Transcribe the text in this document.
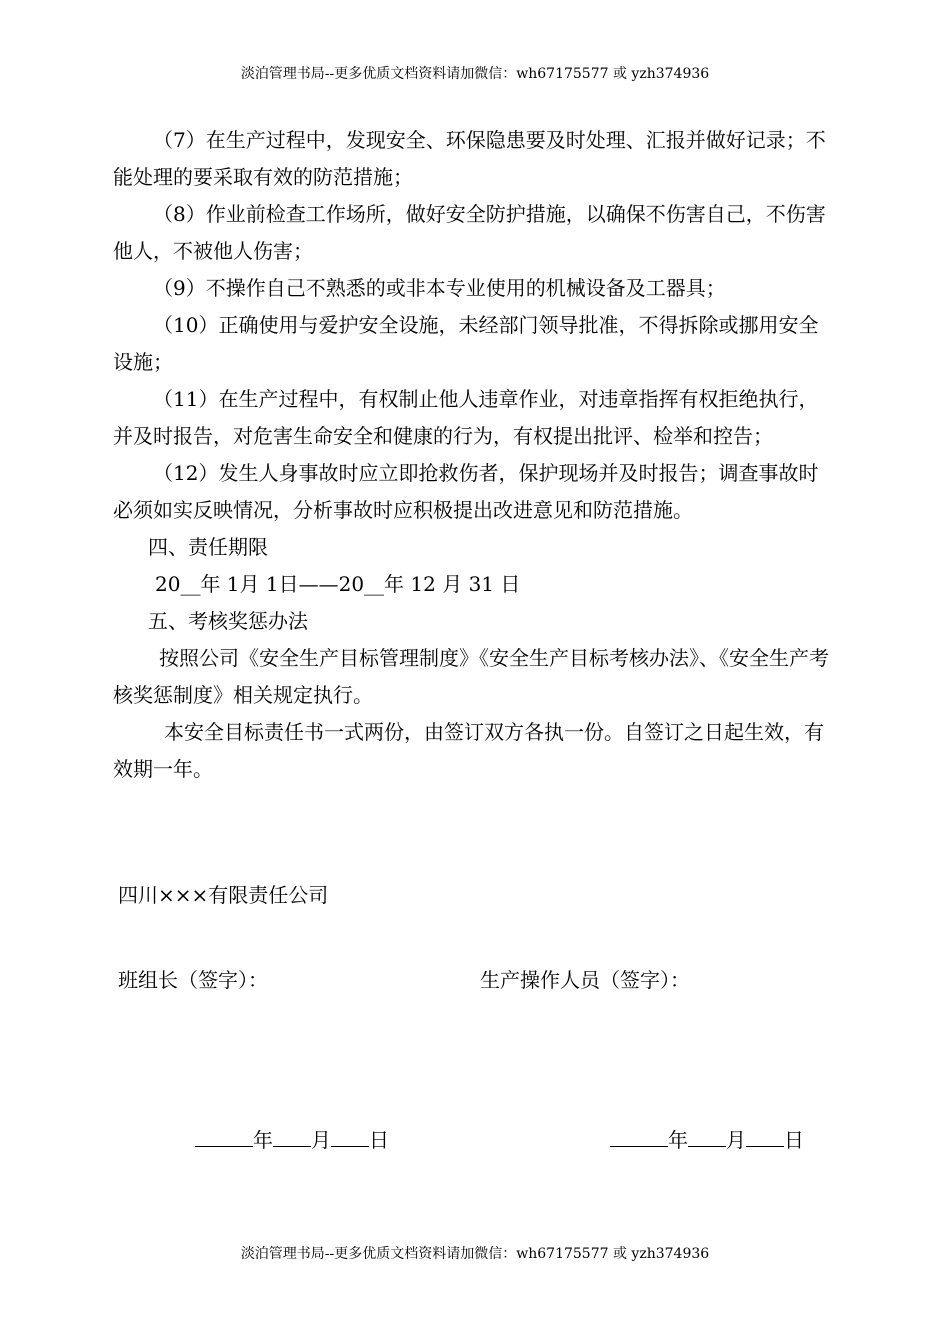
淡泊管理书局--更多优质文档资料请加微信：wh67175577 或 yzh374936

（7）在生产过程中，发现安全、环保隐患要及时处理、汇报并做好记录；不能处理的要采取有效的防范措施；

（8）作业前检查工作场所，做好安全防护措施，以确保不伤害自己，不伤害他人，不被他人伤害；

（9）不操作自己不熟悉的或非本专业使用的机械设备及工器具；

（10）正确使用与爱护安全设施，未经部门领导批准，不得拆除或挪用安全设施；

（11）在生产过程中，有权制止他人违章作业，对违章指挥有权拒绝执行，并及时报告，对危害生命安全和健康的行为，有权提出批评、检举和控告；

（12）发生人身事故时应立即抢救伤者，保护现场并及时报告；调查事故时必须如实反映情况，分析事故时应积极提出改进意见和防范措施。

四、责任期限

20__年 1月 1日——20__年 12 月 31 日

五、考核奖惩办法

按照公司《安全生产目标管理制度》《安全生产目标考核办法》、《安全生产考核奖惩制度》相关规定执行。

本安全目标责任书一式两份，由签订双方各执一份。自签订之日起生效，有效期一年。

四川×××有限责任公司
班组长（签字）：	生产操作人员（签字）：
年 月 日	年 月 日
淡泊管理书局--更多优质文档资料请加微信：wh67175577 或 yzh374936
